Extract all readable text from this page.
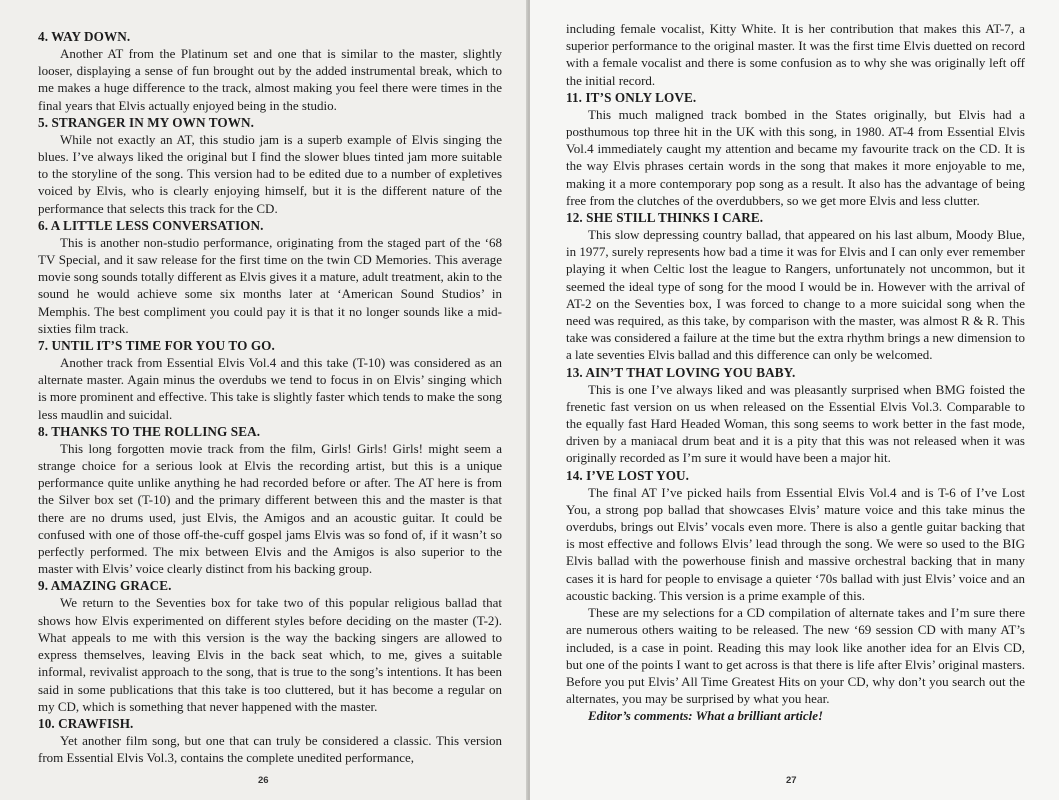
4. WAY DOWN.

Another AT from the Platinum set and one that is similar to the master, slightly looser, displaying a sense of fun brought out by the added instrumental break, which to me makes a huge difference to the track, almost making you feel there were times in the final years that Elvis actually enjoyed being in the studio.

5. STRANGER IN MY OWN TOWN.

While not exactly an AT, this studio jam is a superb example of Elvis singing the blues. I’ve always liked the original but I find the slower blues tinted jam more suitable to the storyline of the song. This version had to be edited due to a number of expletives voiced by Elvis, who is clearly enjoying himself, but it is the different nature of the performance that selects this track for the CD.

6. A LITTLE LESS CONVERSATION.

This is another non-studio performance, originating from the staged part of the ‘68 TV Special, and it saw release for the first time on the twin CD Memories. This average movie song sounds totally different as Elvis gives it a mature, adult treatment, akin to the sound he would achieve some six months later at ‘American Sound Studios’ in Memphis. The best compliment you could pay it is that it no longer sounds like a mid-sixties film track.

7. UNTIL IT’S TIME FOR YOU TO GO.

Another track from Essential Elvis Vol.4 and this take (T-10) was considered as an alternate master. Again minus the overdubs we tend to focus in on Elvis’ singing which is more prominent and effective. This take is slightly faster which tends to make the song less maudlin and suicidal.

8. THANKS TO THE ROLLING SEA.

This long forgotten movie track from the film, Girls! Girls! Girls! might seem a strange choice for a serious look at Elvis the recording artist, but this is a unique performance quite unlike anything he had recorded before or after. The AT here is from the Silver box set (T-10) and the primary different between this and the master is that there are no drums used, just Elvis, the Amigos and an acoustic guitar. It could be confused with one of those off-the-cuff gospel jams Elvis was so fond of, if it wasn’t so perfectly performed. The mix between Elvis and the Amigos is also superior to the master with Elvis’ voice clearly distinct from his backing group.

9. AMAZING GRACE.

We return to the Seventies box for take two of this popular religious ballad that shows how Elvis experimented on different styles before deciding on the master (T-2). What appeals to me with this version is the way the backing singers are allowed to express themselves, leaving Elvis in the back seat which, to me, gives a suitable informal, revivalist approach to the song, that is true to the song’s intentions. It has been said in some publications that this take is too cluttered, but it has become a regular on my CD, which is something that never happened with the master.

10. CRAWFISH.

Yet another film song, but one that can truly be considered a classic. This version from Essential Elvis Vol.3, contains the complete unedited performance,

26

including female vocalist, Kitty White. It is her contribution that makes this AT-7, a superior performance to the original master. It was the first time Elvis duetted on record with a female vocalist and there is some confusion as to why she was originally left off the initial record.

11. IT’S ONLY LOVE.

This much maligned track bombed in the States originally, but Elvis had a posthumous top three hit in the UK with this song, in 1980. AT-4 from Essential Elvis Vol.4 immediately caught my attention and became my favourite track on the CD. It is the way Elvis phrases certain words in the song that makes it more enjoyable to me, making it a more contemporary pop song as a result. It also has the advantage of being free from the clutches of the overdubbers, so we get more Elvis and less clutter.

12. SHE STILL THINKS I CARE.

This slow depressing country ballad, that appeared on his last album, Moody Blue, in 1977, surely represents how bad a time it was for Elvis and I can only ever remember playing it when Celtic lost the league to Rangers, unfortunately not uncommon, but it seemed the ideal type of song for the mood I would be in. However with the arrival of AT-2 on the Seventies box, I was forced to change to a more suicidal song when the need was required, as this take, by comparison with the master, was almost R & R. This take was considered a failure at the time but the extra rhythm brings a new dimension to a late seventies Elvis ballad and this difference can only be welcomed.

13. AIN’T THAT LOVING YOU BABY.

This is one I’ve always liked and was pleasantly surprised when BMG foisted the frenetic fast version on us when released on the Essential Elvis Vol.3. Comparable to the equally fast Hard Headed Woman, this song seems to work better in the fast mode, driven by a maniacal drum beat and it is a pity that this was not released when it was originally recorded as I’m sure it would have been a major hit.

14. I’VE LOST YOU.

The final AT I’ve picked hails from Essential Elvis Vol.4 and is T-6 of I’ve Lost You, a strong pop ballad that showcases Elvis’ mature voice and this take minus the overdubs, brings out Elvis’ vocals even more. There is also a gentle guitar backing that is most effective and follows Elvis’ lead through the song. We were so used to the BIG Elvis ballad with the powerhouse finish and massive orchestral backing that in many cases it is hard for people to envisage a quieter ‘70s ballad with just Elvis’ voice and an acoustic backing. This version is a prime example of this.

These are my selections for a CD compilation of alternate takes and I’m sure there are numerous others waiting to be released. The new ‘69 session CD with many AT’s included, is a case in point. Reading this may look like another idea for an Elvis CD, but one of the points I want to get across is that there is life after Elvis’ original masters. Before you put Elvis’ All Time Greatest Hits on your CD, why don’t you search out the alternates, you may be surprised by what you hear.

Editor’s comments: What a brilliant article!

27
